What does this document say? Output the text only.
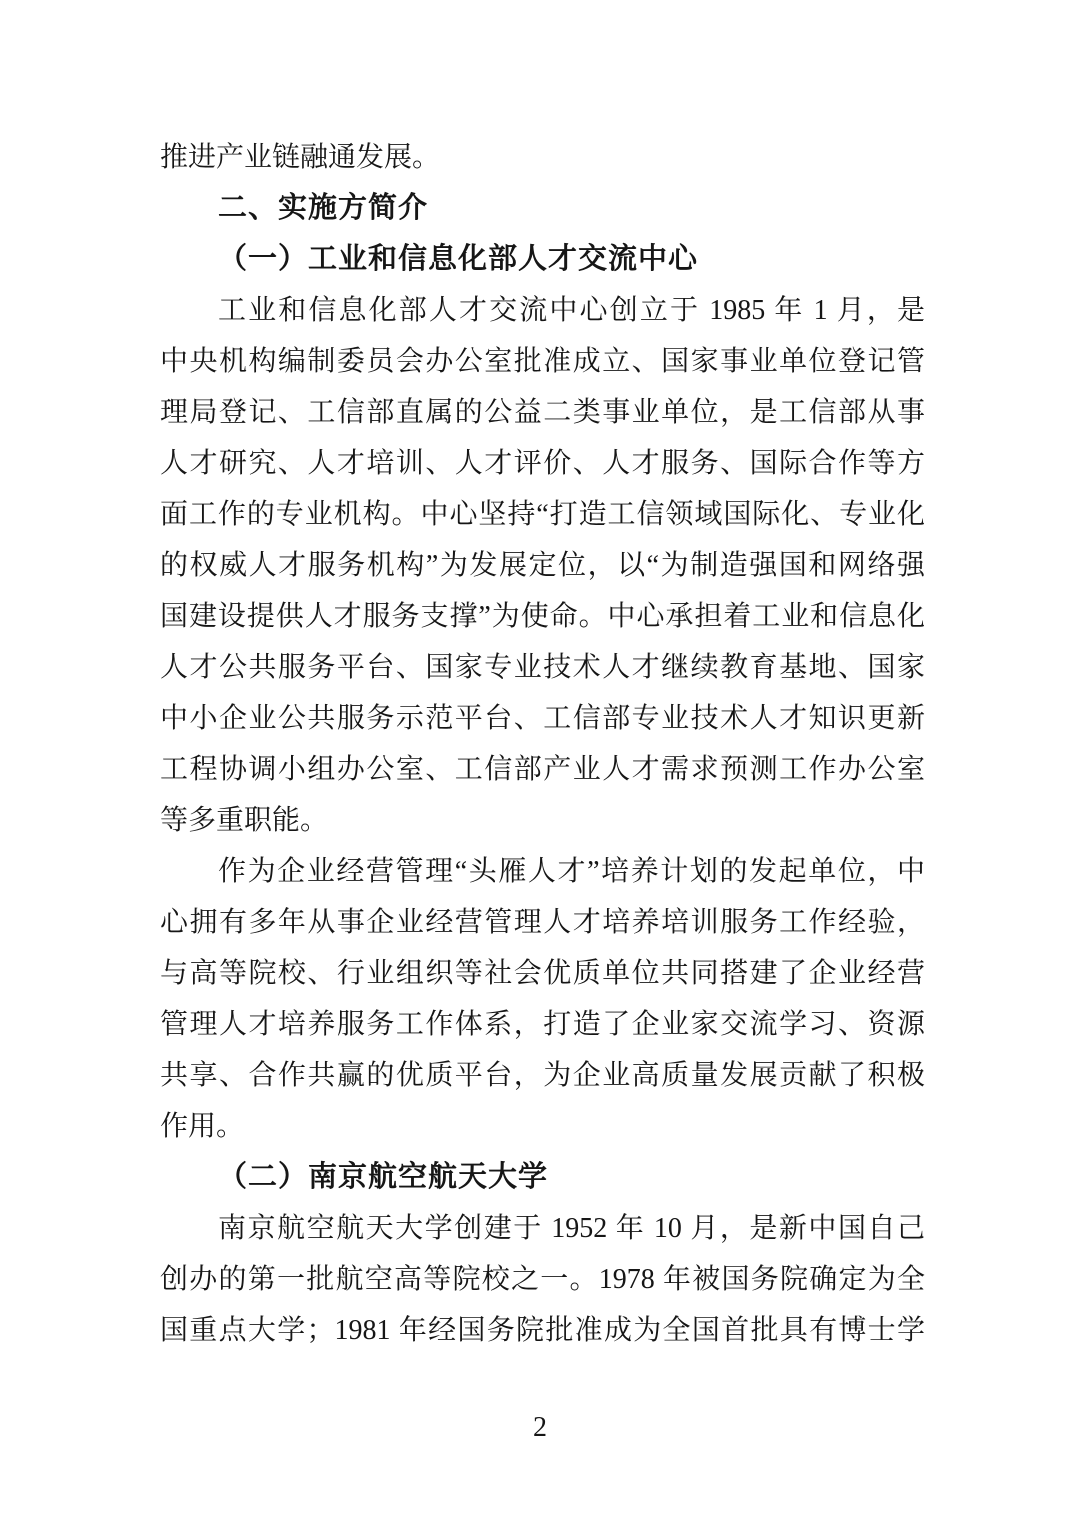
推进产业链融通发展。
二、实施方简介
（一）工业和信息化部人才交流中心
工业和信息化部人才交流中心创立于 1985 年 1 月，是
中央机构编制委员会办公室批准成立、国家事业单位登记管
理局登记、工信部直属的公益二类事业单位，是工信部从事
人才研究、人才培训、人才评价、人才服务、国际合作等方
面工作的专业机构。中心坚持“打造工信领域国际化、专业化
的权威人才服务机构”为发展定位，以“为制造强国和网络强
国建设提供人才服务支撑”为使命。中心承担着工业和信息化
人才公共服务平台、国家专业技术人才继续教育基地、国家
中小企业公共服务示范平台、工信部专业技术人才知识更新
工程协调小组办公室、工信部产业人才需求预测工作办公室
等多重职能。
作为企业经营管理“头雁人才”培养计划的发起单位，中
心拥有多年从事企业经营管理人才培养培训服务工作经验，
与高等院校、行业组织等社会优质单位共同搭建了企业经营
管理人才培养服务工作体系，打造了企业家交流学习、资源
共享、合作共赢的优质平台，为企业高质量发展贡献了积极
作用。
（二）南京航空航天大学
南京航空航天大学创建于 1952 年 10 月，是新中国自己
创办的第一批航空高等院校之一。1978 年被国务院确定为全
国重点大学；1981 年经国务院批准成为全国首批具有博士学
2
